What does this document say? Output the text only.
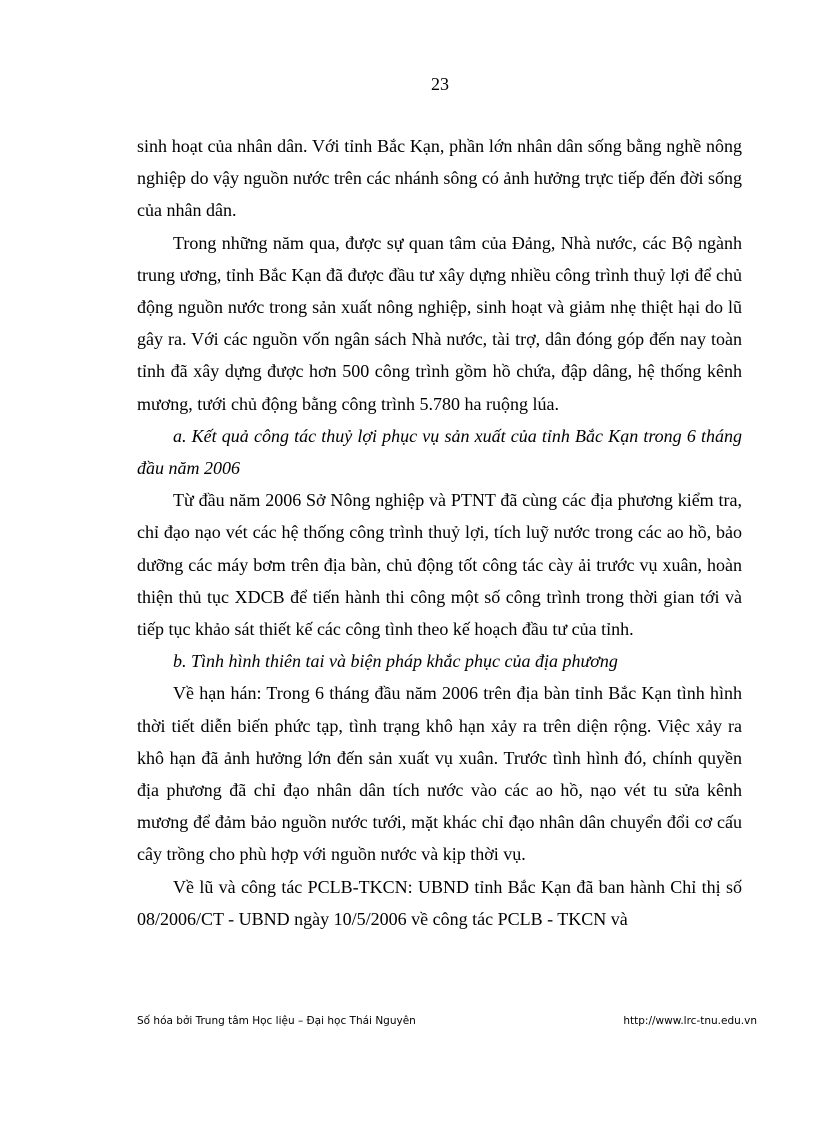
23

sinh hoạt của nhân dân. Với tỉnh Bắc Kạn, phần lớn nhân dân sống bằng nghề nông nghiệp do vậy nguồn nước trên các nhánh sông có ảnh hưởng trực tiếp đến đời sống của nhân dân.

Trong những năm qua, được sự quan tâm của Đảng, Nhà nước, các Bộ ngành trung ương, tỉnh Bắc Kạn đã được đầu tư xây dựng nhiều công trình thuỷ lợi để chủ động nguồn nước trong sản xuất nông nghiệp, sinh hoạt và giảm nhẹ thiệt hại do lũ gây ra. Với các nguồn vốn ngân sách Nhà nước, tài trợ, dân đóng góp đến nay toàn tỉnh đã xây dựng được hơn 500 công trình gồm hồ chứa, đập dâng, hệ thống kênh mương, tưới chủ động bằng công trình 5.780 ha ruộng lúa.

a. Kết quả công tác thuỷ lợi phục vụ sản xuất của tỉnh Bắc Kạn trong 6 tháng đầu năm 2006

Từ đầu năm 2006 Sở Nông nghiệp và PTNT đã cùng các địa phương kiểm tra, chỉ đạo nạo vét các hệ thống công trình thuỷ lợi, tích luỹ nước trong các ao hồ, bảo dưỡng các máy bơm trên địa bàn, chủ động tốt công tác cày ải trước vụ xuân, hoàn thiện thủ tục XDCB để tiến hành thi công một số công trình trong thời gian tới và tiếp tục khảo sát thiết kế các công tình theo kế hoạch đầu tư của tỉnh.

b. Tình hình thiên tai và biện pháp khắc phục của địa phương

Về hạn hán: Trong 6 tháng đầu năm 2006 trên địa bàn tỉnh Bắc Kạn tình hình thời tiết diễn biến phức tạp, tình trạng khô hạn xảy ra trên diện rộng. Việc xảy ra khô hạn đã ảnh hưởng lớn đến sản xuất vụ xuân. Trước tình hình đó, chính quyền địa phương đã chỉ đạo nhân dân tích nước vào các ao hồ, nạo vét tu sửa kênh mương để đảm bảo nguồn nước tưới, mặt khác chỉ đạo nhân dân chuyển đổi cơ cấu cây trồng cho phù hợp với nguồn nước và kịp thời vụ.

Về lũ và công tác PCLB-TKCN: UBND tỉnh Bắc Kạn đã ban hành Chỉ thị số 08/2006/CT - UBND ngày 10/5/2006 về công tác PCLB - TKCN và

Số hóa bởi Trung tâm Học liệu – Đại học Thái Nguyên	http://www.lrc-tnu.edu.vn
